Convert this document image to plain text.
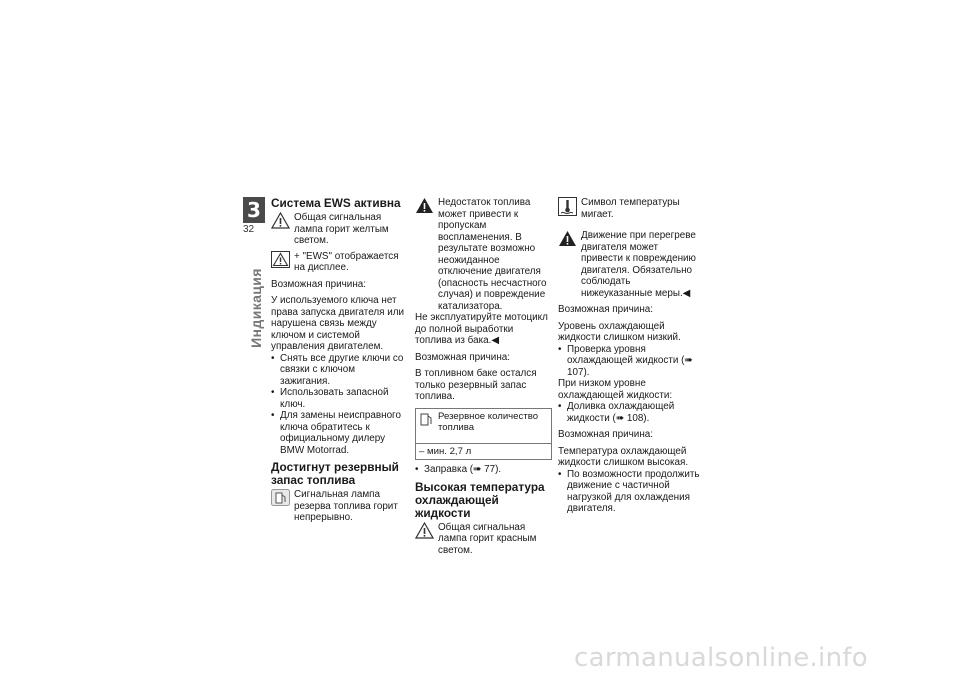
3
32
Индикация

Система EWS активна

Общая сигнальная лампа горит желтым светом.

+ "EWS" отображается на дисплее.

Возможная причина:

У используемого ключа нет права запуска двигателя или нарушена связь между ключом и системой управления двигателем.

• Снять все другие ключи со связки с ключом зажигания.
• Использовать запасной ключ.
• Для замены неисправного ключа обратитесь к официальному дилеру BMW Motorrad.

Достигнут резервный запас топлива

Сигнальная лампа резерва топлива горит непрерывно.

Недостаток топлива может привести к пропускам воспламенения. В результате возможно неожиданное отключение двигателя (опасность несчастного случая) и повреждение катализатора.

Не эксплуатируйте мотоцикл до полной выработки топлива из бака.◀

Возможная причина:

В топливном баке остался только резервный запас топлива.

Резервное количество топлива

– мин. 2,7 л
• Заправка (➠ 77).

Высокая температура охлаждающей жидкости

Общая сигнальная лампа горит красным светом.

Символ температуры мигает.

Движение при перегреве двигателя может привести к повреждению двигателя. Обязательно соблюдать нижеуказанные меры.◀

Возможная причина:

Уровень охлаждающей жидкости слишком низкий.

• Проверка уровня охлаждающей жидкости (➠ 107).

При низком уровне охлаждающей жидкости:

• Доливка охлаждающей жидкости (➠ 108).

Возможная причина:

Температура охлаждающей жидкости слишком высокая.

• По возможности продолжить движение с частичной нагрузкой для охлаждения двигателя.
carmanualsonline.info
